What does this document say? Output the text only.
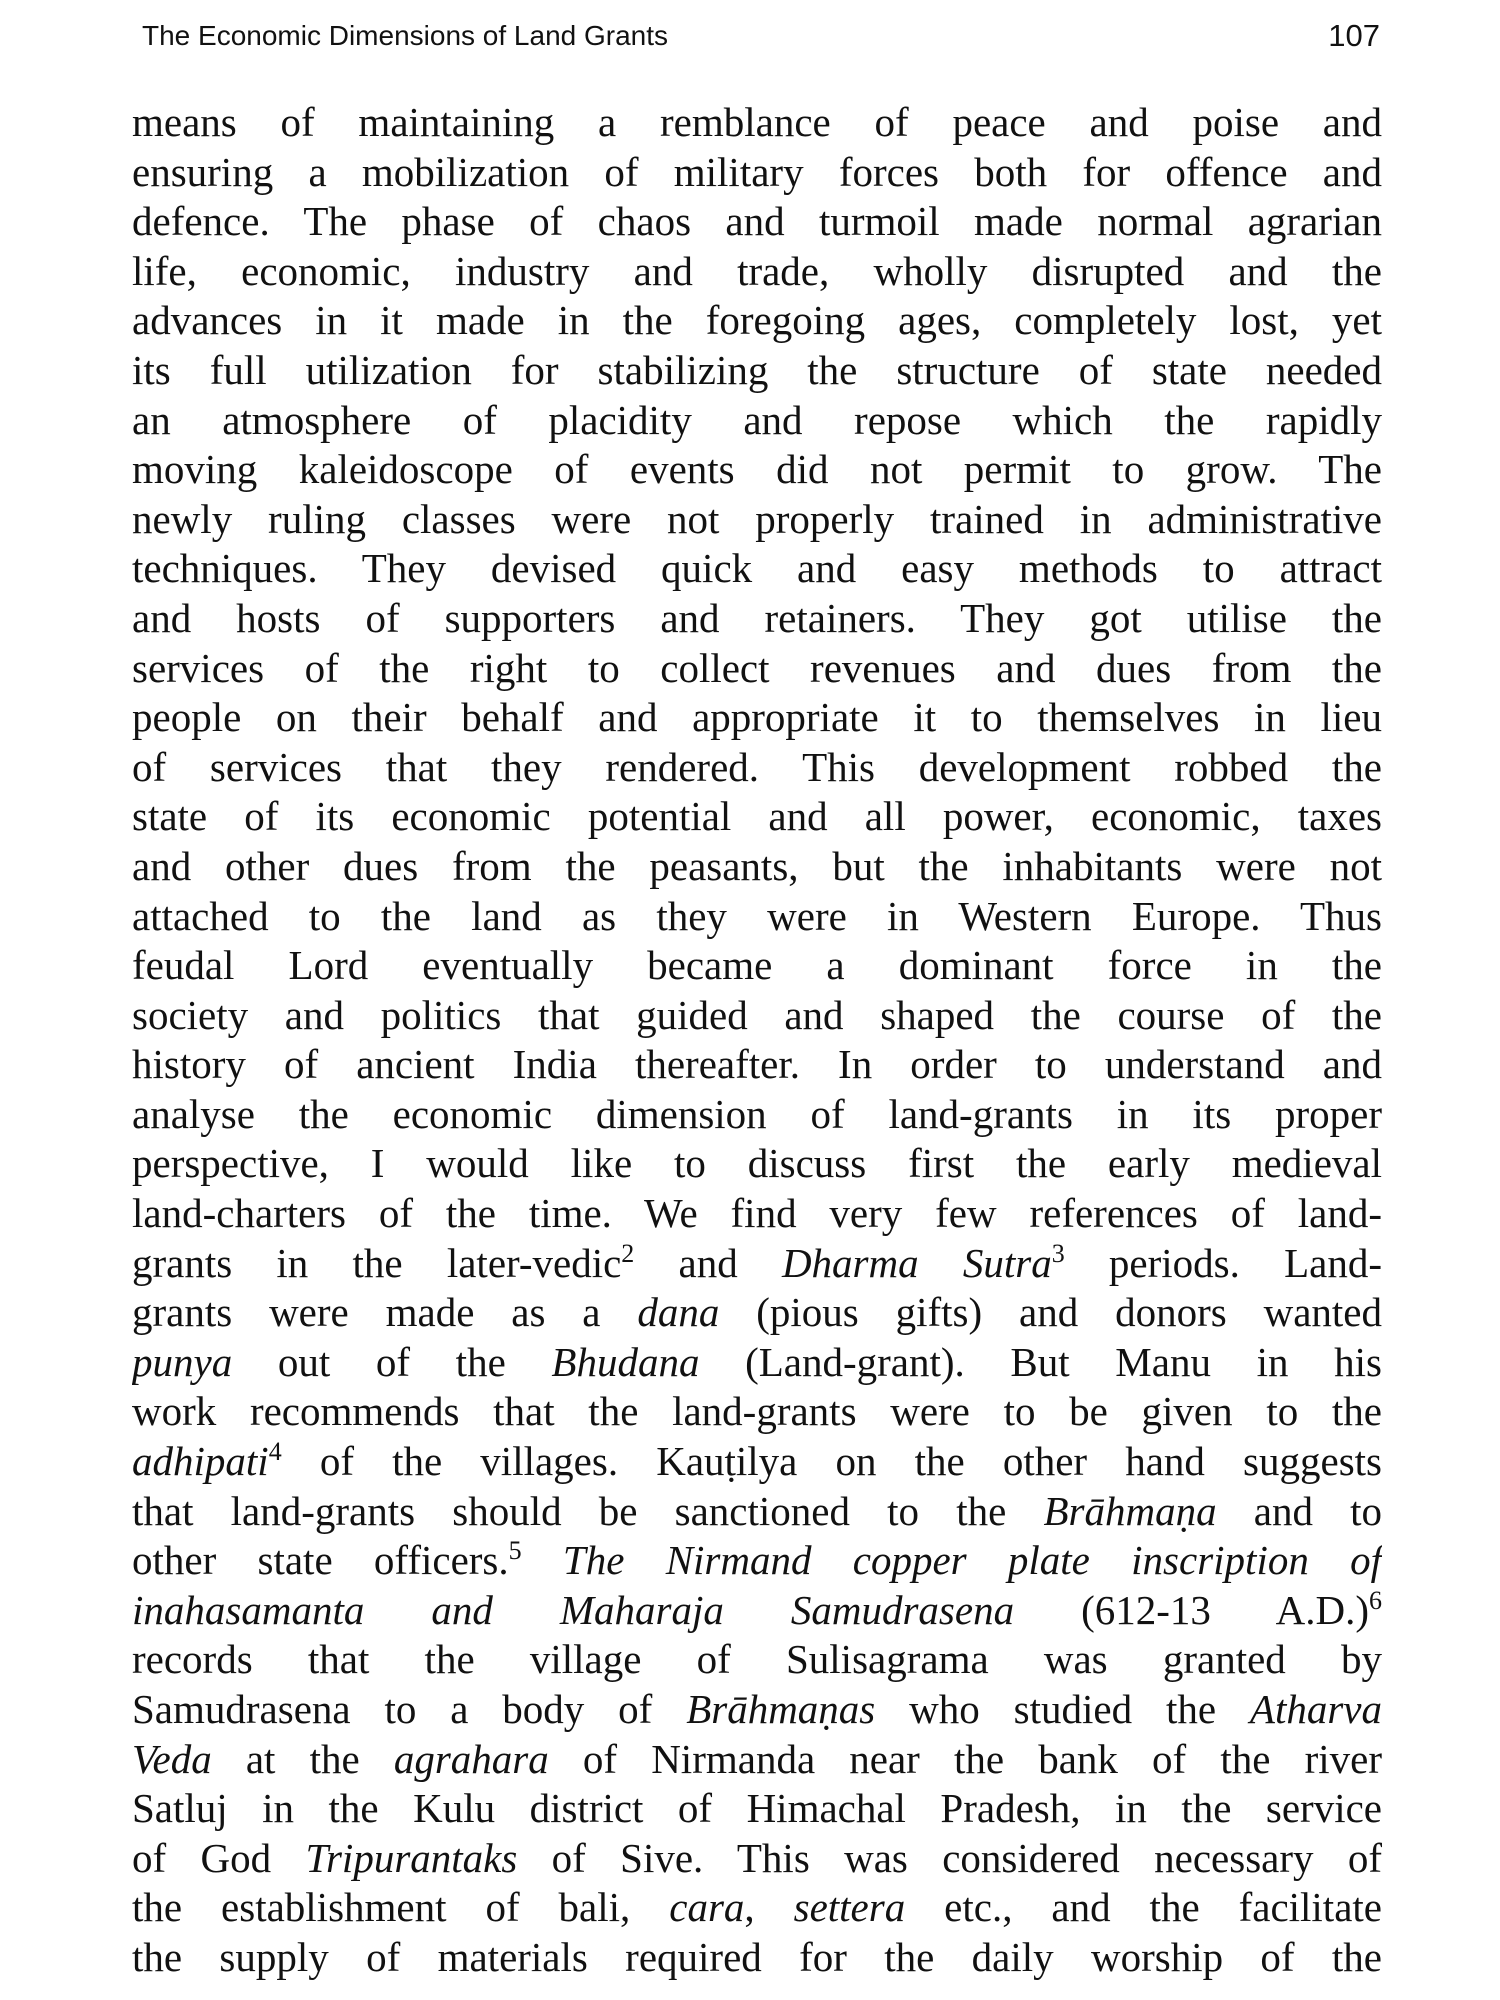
The Economic Dimensions of Land Grants	107
means of maintaining a remblance of peace and poise and
ensuring a mobilization of military forces both for offence and
defence. The phase of chaos and turmoil made normal agrarian
life, economic, industry and trade, wholly disrupted and the
advances in it made in the foregoing ages, completely lost, yet
its full utilization for stabilizing the structure of state needed
an atmosphere of placidity and repose which the rapidly
moving kaleidoscope of events did not permit to grow. The
newly ruling classes were not properly trained in administrative
techniques. They devised quick and easy methods to attract
and hosts of supporters and retainers. They got utilise the
services of the right to collect revenues and dues from the
people on their behalf and appropriate it to themselves in lieu
of services that they rendered. This development robbed the
state of its economic potential and all power, economic, taxes
and other dues from the peasants, but the inhabitants were not
attached to the land as they were in Western Europe. Thus
feudal Lord eventually became a dominant force in the
society and politics that guided and shaped the course of the
history of ancient India thereafter. In order to understand and
analyse the economic dimension of land-grants in its proper
perspective, I would like to discuss first the early medieval
land-charters of the time. We find very few references of land-
grants in the later-vedic$^2$ and Dharma Sutra$^3$ periods. Land-
grants were made as a dana (pious gifts) and donors wanted
punya out of the Bhudana (Land-grant). But Manu in his
work recommends that the land-grants were to be given to the
adhipati$^4$ of the villages. Kauṭilya on the other hand suggests
that land-grants should be sanctioned to the Brāhmaṇa and to
other state officers.$^5$ The Nirmand copper plate inscription of
inahasamanta and Maharaja Samudrasena (612-13 A.D.)$^6$
records that the village of Sulisagrama was granted by
Samudrasena to a body of Brāhmaṇas who studied the Atharva
Veda at the agrahara of Nirmanda near the bank of the river
Satluj in the Kulu district of Himachal Pradesh, in the service
of God Tripurantaks of Sive. This was considered necessary of
the establishment of bali, cara, settera etc., and the facilitate
the supply of materials required for the daily worship of the
